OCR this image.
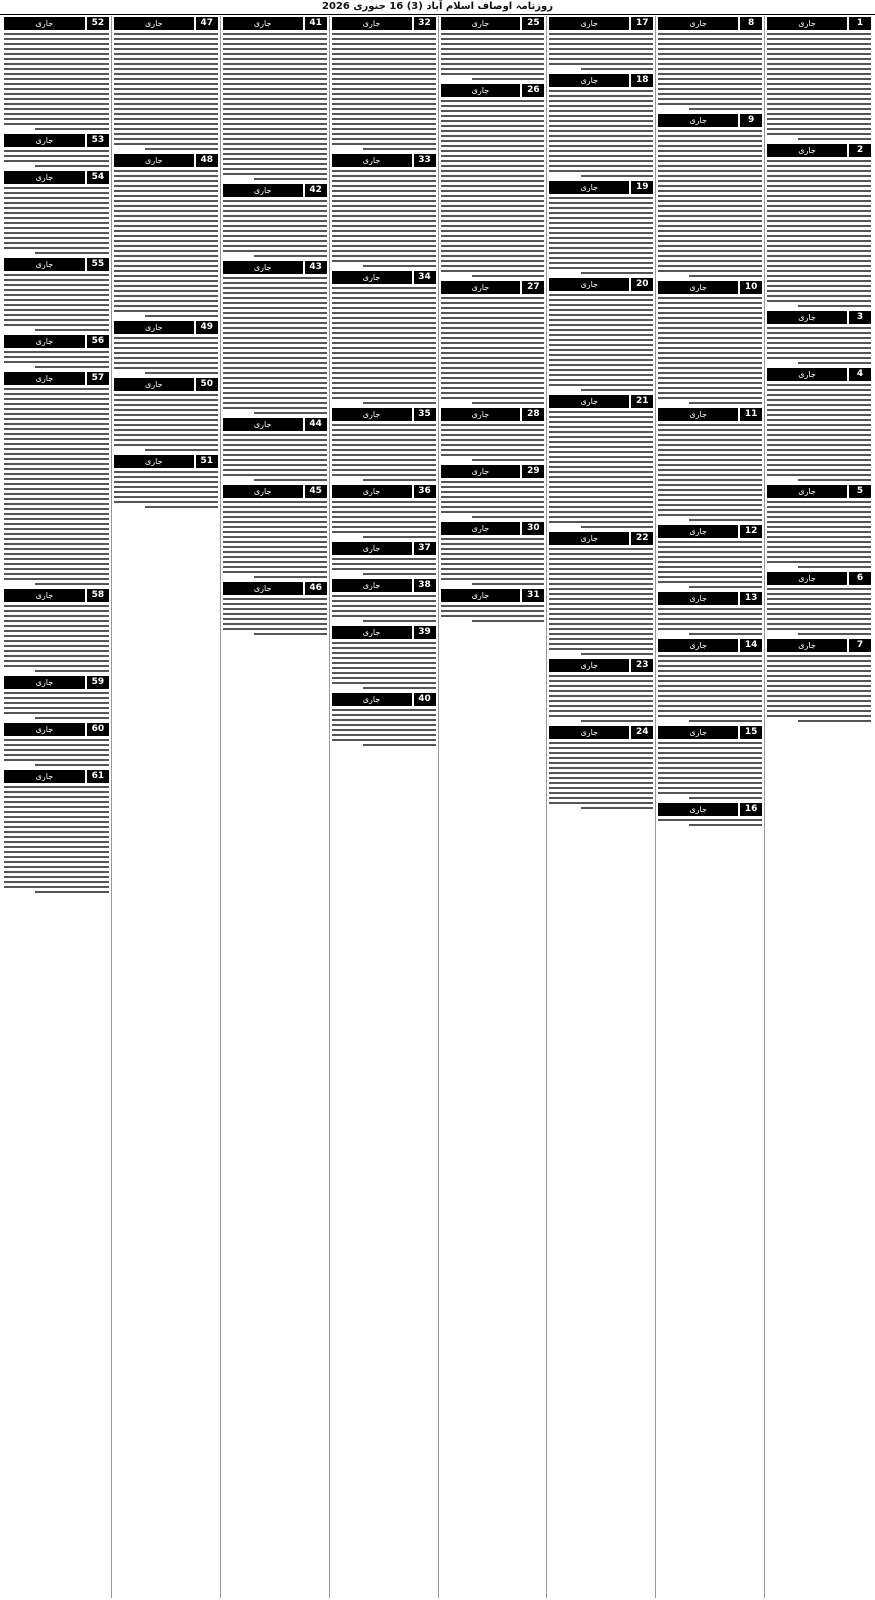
روزنامہ اوصاف اسلام آباد (3) 16 جنوری 2026
1
جاری
2
جاری
3
جاری
4
جاری
5
جاری
6
جاری
7
جاری
8
جاری
9
جاری
10
جاری
11
جاری
12
جاری
13
جاری
14
جاری
15
جاری
16
جاری
17
جاری
18
جاری
19
جاری
20
جاری
21
جاری
22
جاری
23
جاری
24
جاری
25
جاری
26
جاری
27
جاری
28
جاری
29
جاری
30
جاری
31
جاری
32
جاری
33
جاری
34
جاری
35
جاری
36
جاری
37
جاری
38
جاری
39
جاری
40
جاری
41
جاری
42
جاری
43
جاری
44
جاری
45
جاری
46
جاری
47
جاری
48
جاری
49
جاری
50
جاری
51
جاری
52
جاری
53
جاری
54
جاری
55
جاری
56
جاری
57
جاری
58
جاری
59
جاری
60
جاری
61
جاری
